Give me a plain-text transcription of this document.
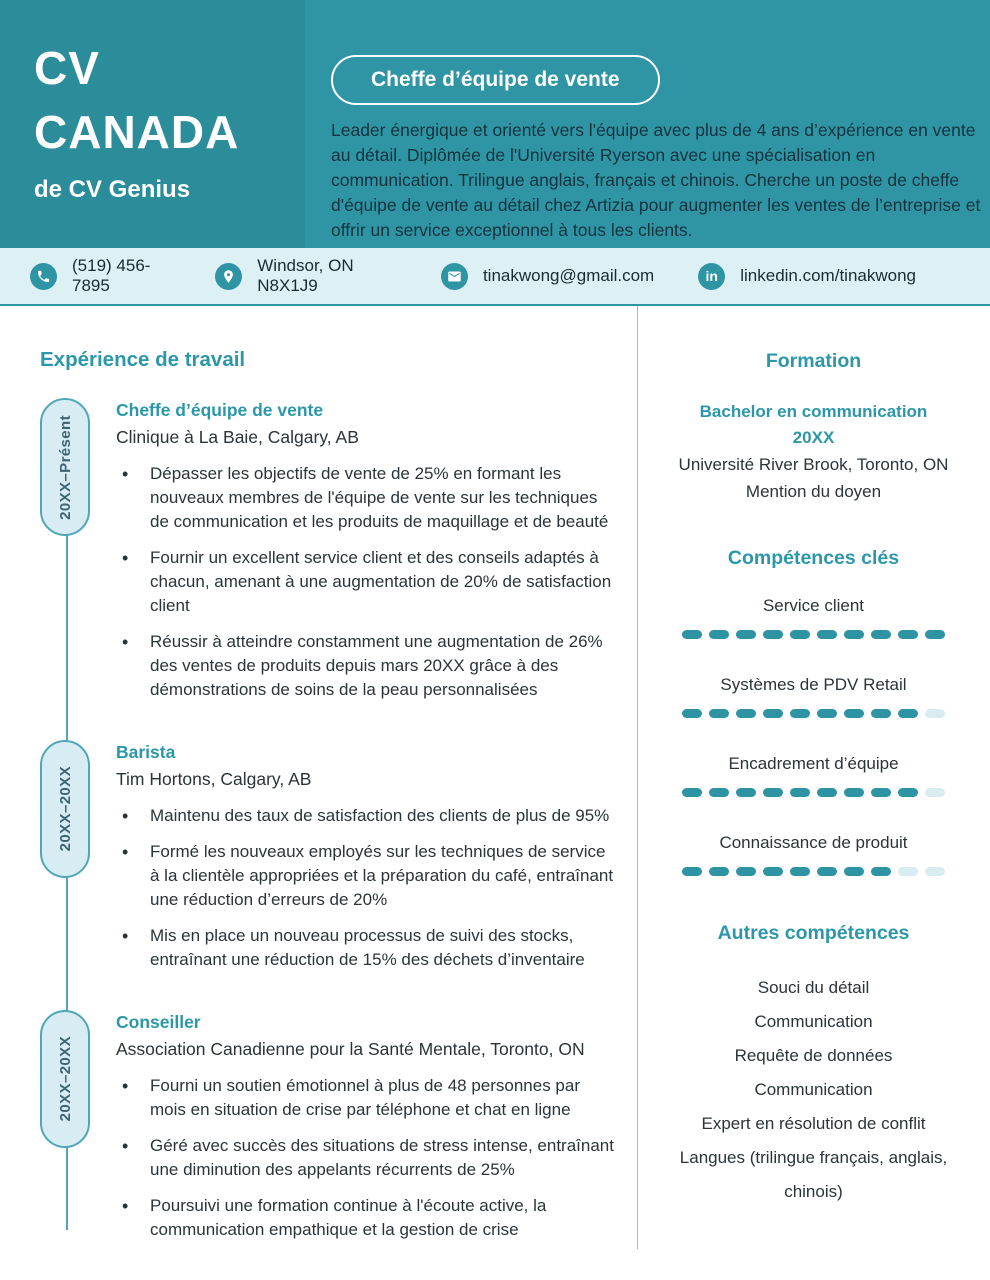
CV
CANADA
de CV Genius
Cheffe d’équipe de vente

Leader énergique et orienté vers l'équipe avec plus de 4 ans d’expérience en vente au détail. Diplômée de l'Université Ryerson avec une spécialisation en communication. Trilingue anglais, français et chinois. Cherche un poste de cheffe d'équipe de vente au détail chez Artizia pour augmenter les ventes de l’entreprise et offrir un service exceptionnel à tous les clients.

(519) 456-7895
Windsor, ON N8X1J9
tinakwong@gmail.com	in linkedin.com/tinakwong
Expérience de travail
20XX–Présent
Cheffe d’équipe de vente

Clinique à La Baie, Calgary, AB

• Dépasser les objectifs de vente de 25% en formant les nouveaux membres de l'équipe de vente sur les techniques de communication et les produits de maquillage et de beauté
• Fournir un excellent service client et des conseils adaptés à chacun, amenant à une augmentation de 20% de satisfaction client
• Réussir à atteindre constamment une augmentation de 26% des ventes de produits depuis mars 20XX grâce à des démonstrations de soins de la peau personnalisées
20XX–20XX
Barista

Tim Hortons, Calgary, AB

• Maintenu des taux de satisfaction des clients de plus de 95%
• Formé les nouveaux employés sur les techniques de service à la clientèle appropriées et la préparation du café, entraînant une réduction d’erreurs de 20%
• Mis en place un nouveau processus de suivi des stocks, entraînant une réduction de 15% des déchets d’inventaire
20XX–20XX
Conseiller

Association Canadienne pour la Santé Mentale, Toronto, ON

• Fourni un soutien émotionnel à plus de 48 personnes par mois en situation de crise par téléphone et chat en ligne
• Géré avec succès des situations de stress intense, entraînant une diminution des appelants récurrents de 25%
• Poursuivi une formation continue à l'écoute active, la communication empathique et la gestion de crise
Formation

Bachelor en communication

20XX

Université River Brook, Toronto, ON

Mention du doyen

Compétences clés

Service client

Systèmes de PDV Retail

Encadrement d’équipe

Connaissance de produit

Autres compétences
Souci du détail
Communication
Requête de données
Communication
Expert en résolution de conflit
Langues (trilingue français, anglais, chinois)
